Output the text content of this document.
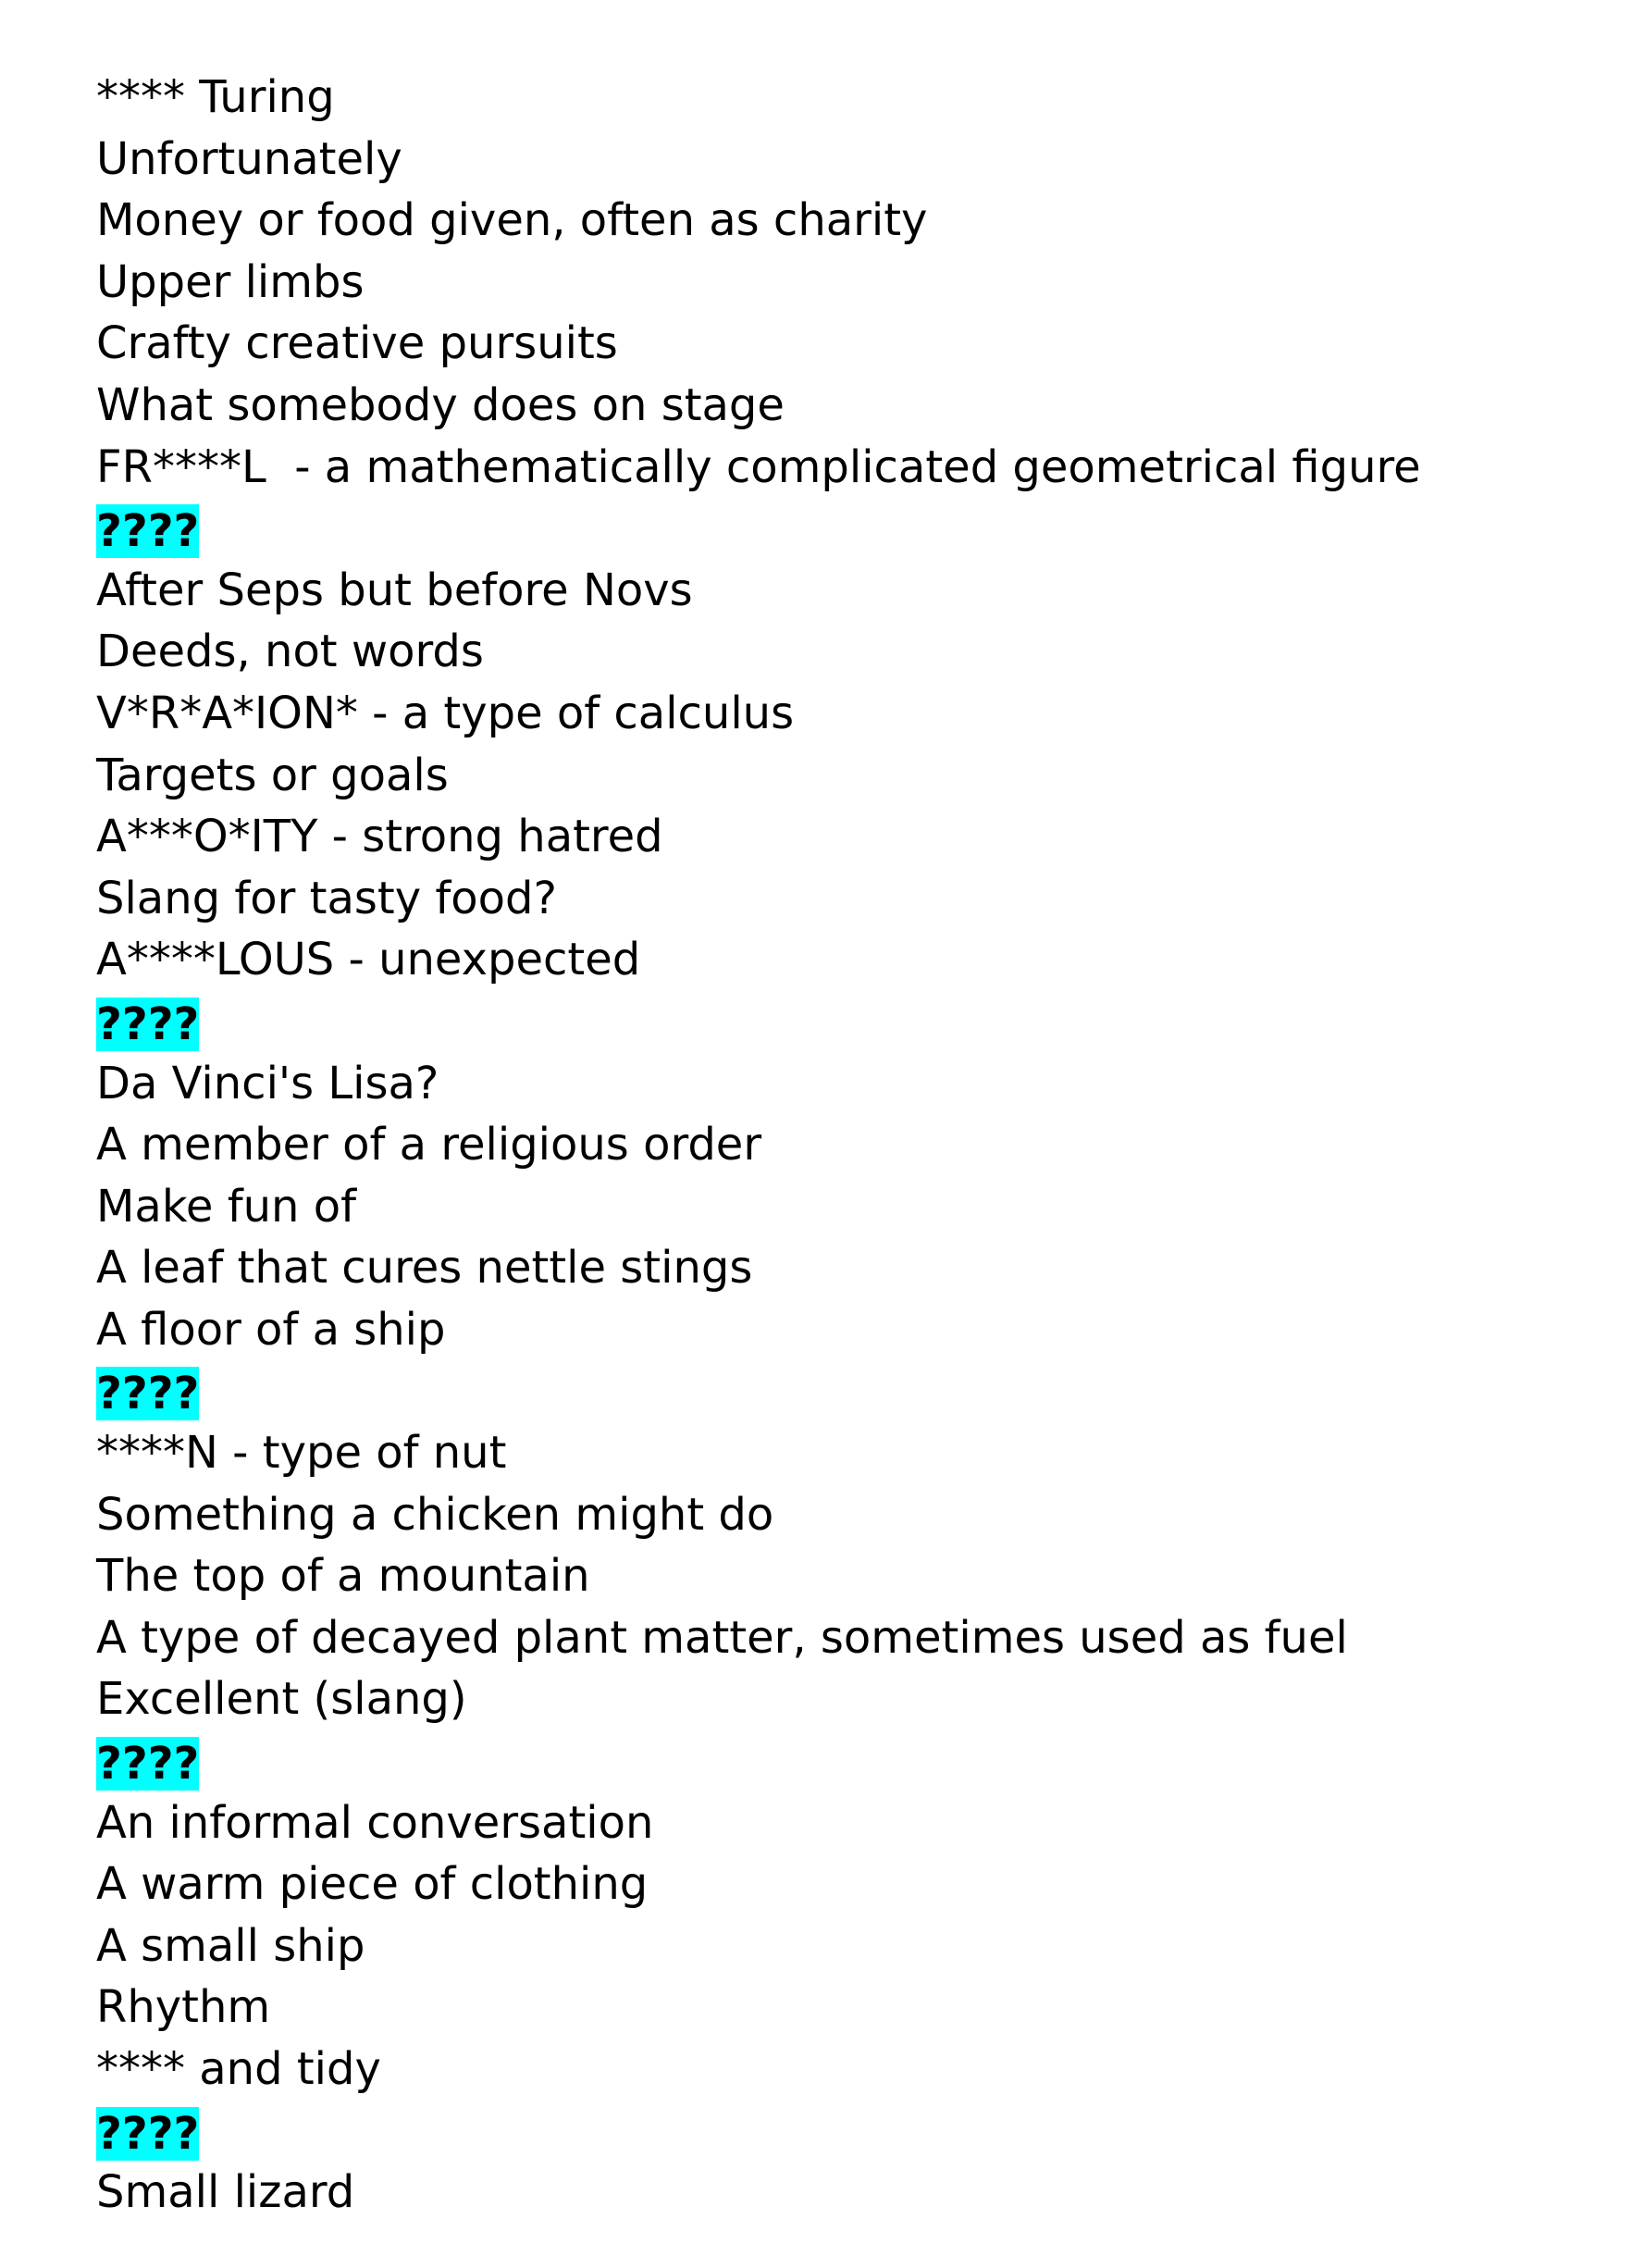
**** Turing

Unfortunately

Money or food given, often as charity

Upper limbs

Crafty creative pursuits

What somebody does on stage

FR****L  - a mathematically complicated geometrical figure

????

After Seps but before Novs

Deeds, not words

V*R*A*ION* - a type of calculus

Targets or goals

A***O*ITY - strong hatred

Slang for tasty food?

A****LOUS - unexpected

????

Da Vinci's Lisa?

A member of a religious order

Make fun of

A leaf that cures nettle stings

A floor of a ship

????

****N - type of nut

Something a chicken might do

The top of a mountain

A type of decayed plant matter, sometimes used as fuel

Excellent (slang)

????

An informal conversation

A warm piece of clothing

A small ship

Rhythm

**** and tidy

????

Small lizard
